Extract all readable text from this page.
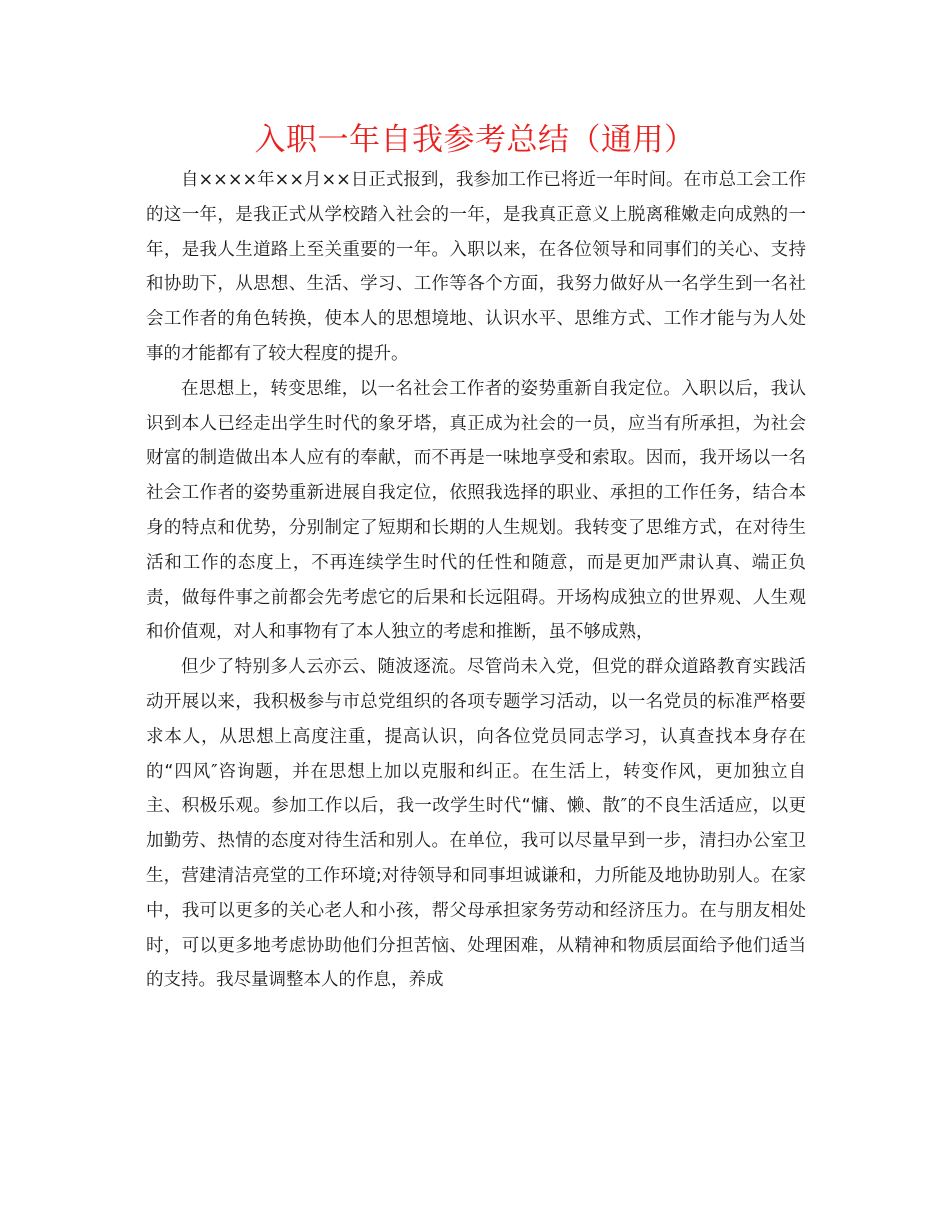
入职一年自我参考总结（通用）

自××××年××月××日正式报到，我参加工作已将近一年时间。在市总工会工作的这一年，是我正式从学校踏入社会的一年，是我真正意义上脱离稚嫩走向成熟的一年，是我人生道路上至关重要的一年。入职以来，在各位领导和同事们的关心、支持和协助下，从思想、生活、学习、工作等各个方面，我努力做好从一名学生到一名社会工作者的角色转换，使本人的思想境地、认识水平、思维方式、工作才能与为人处事的才能都有了较大程度的提升。

在思想上，转变思维，以一名社会工作者的姿势重新自我定位。入职以后，我认识到本人已经走出学生时代的象牙塔，真正成为社会的一员，应当有所承担，为社会财富的制造做出本人应有的奉献，而不再是一味地享受和索取。因而，我开场以一名社会工作者的姿势重新进展自我定位，依照我选择的职业、承担的工作任务，结合本身的特点和优势，分别制定了短期和长期的人生规划。我转变了思维方式，在对待生活和工作的态度上，不再连续学生时代的任性和随意，而是更加严肃认真、端正负责，做每件事之前都会先考虑它的后果和长远阻碍。开场构成独立的世界观、人生观和价值观，对人和事物有了本人独立的考虑和推断，虽不够成熟，

但少了特别多人云亦云、随波逐流。尽管尚未入党，但党的群众道路教育实践活动开展以来，我积极参与市总党组织的各项专题学习活动，以一名党员的标准严格要求本人，从思想上高度注重，提高认识，向各位党员同志学习，认真查找本身存在的“四风″咨询题，并在思想上加以克服和纠正。在生活上，转变作风，更加独立自主、积极乐观。参加工作以后，我一改学生时代“慵、懒、散″的不良生活适应，以更加勤劳、热情的态度对待生活和别人。在单位，我可以尽量早到一步，清扫办公室卫生，营建清洁亮堂的工作环境;对待领导和同事坦诚谦和，力所能及地协助别人。在家中，我可以更多的关心老人和小孩，帮父母承担家务劳动和经济压力。在与朋友相处时，可以更多地考虑协助他们分担苦恼、处理困难，从精神和物质层面给予他们适当的支持。我尽量调整本人的作息，养成
